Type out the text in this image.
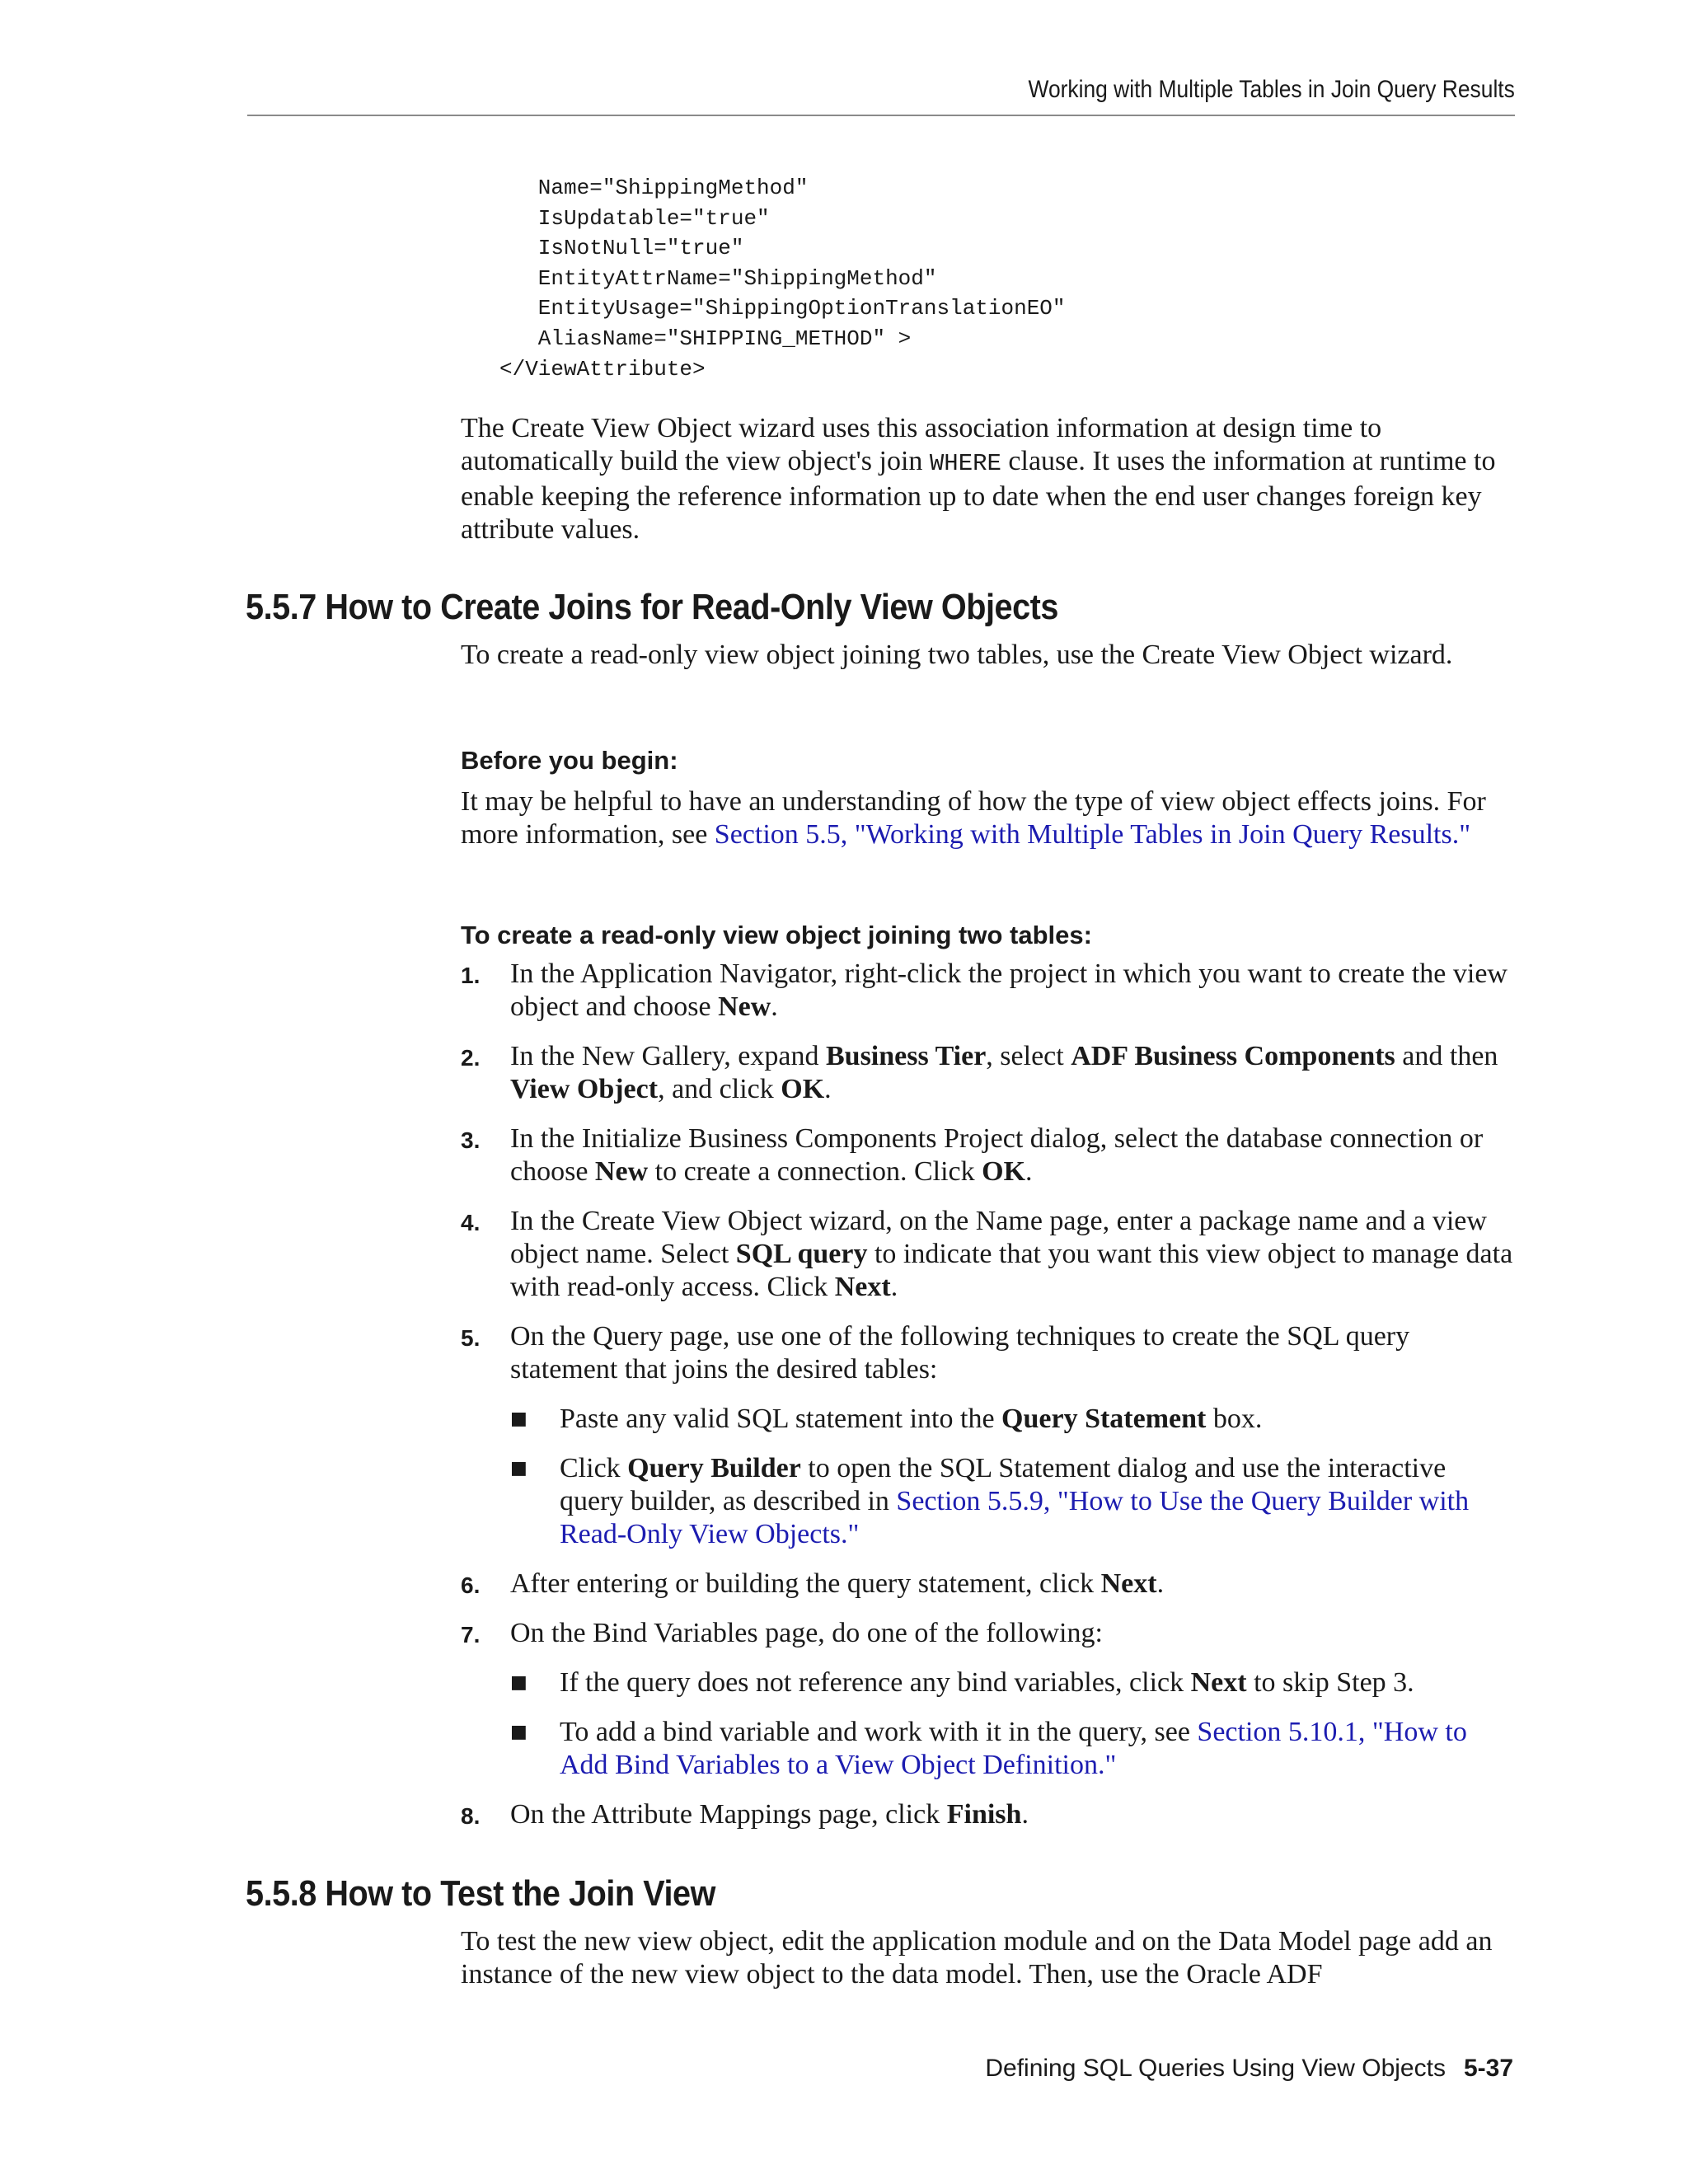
Working with Multiple Tables in Join Query Results
Name="ShippingMethod"
IsUpdatable="true"
IsNotNull="true"
EntityAttrName="ShippingMethod"
EntityUsage="ShippingOptionTranslationEO"
AliasName="SHIPPING_METHOD" >
</ViewAttribute>

The Create View Object wizard uses this association information at design time to automatically build the view object's join WHERE clause. It uses the information at runtime to enable keeping the reference information up to date when the end user changes foreign key attribute values.

5.5.7 How to Create Joins for Read-Only View Objects

To create a read-only view object joining two tables, use the Create View Object wizard.

Before you begin:

It may be helpful to have an understanding of how the type of view object effects joins. For more information, see Section 5.5, "Working with Multiple Tables in Join Query Results."

To create a read-only view object joining two tables:
1. In the Application Navigator, right-click the project in which you want to create the view object and choose New.
2. In the New Gallery, expand Business Tier, select ADF Business Components and then View Object, and click OK.
3. In the Initialize Business Components Project dialog, select the database connection or choose New to create a connection. Click OK.
4. In the Create View Object wizard, on the Name page, enter a package name and a view object name. Select SQL query to indicate that you want this view object to manage data with read-only access. Click Next.
5. On the Query page, use one of the following techniques to create the SQL query statement that joins the desired tables:
■ Paste any valid SQL statement into the Query Statement box.
■ Click Query Builder to open the SQL Statement dialog and use the interactive query builder, as described in Section 5.5.9, "How to Use the Query Builder with Read-Only View Objects."
6. After entering or building the query statement, click Next.
7. On the Bind Variables page, do one of the following:
■ If the query does not reference any bind variables, click Next to skip Step 3.
■ To add a bind variable and work with it in the query, see Section 5.10.1, "How to Add Bind Variables to a View Object Definition."
8. On the Attribute Mappings page, click Finish.
5.5.8 How to Test the Join View

To test the new view object, edit the application module and on the Data Model page add an instance of the new view object to the data model. Then, use the Oracle ADF

Defining SQL Queries Using View Objects 5-37
